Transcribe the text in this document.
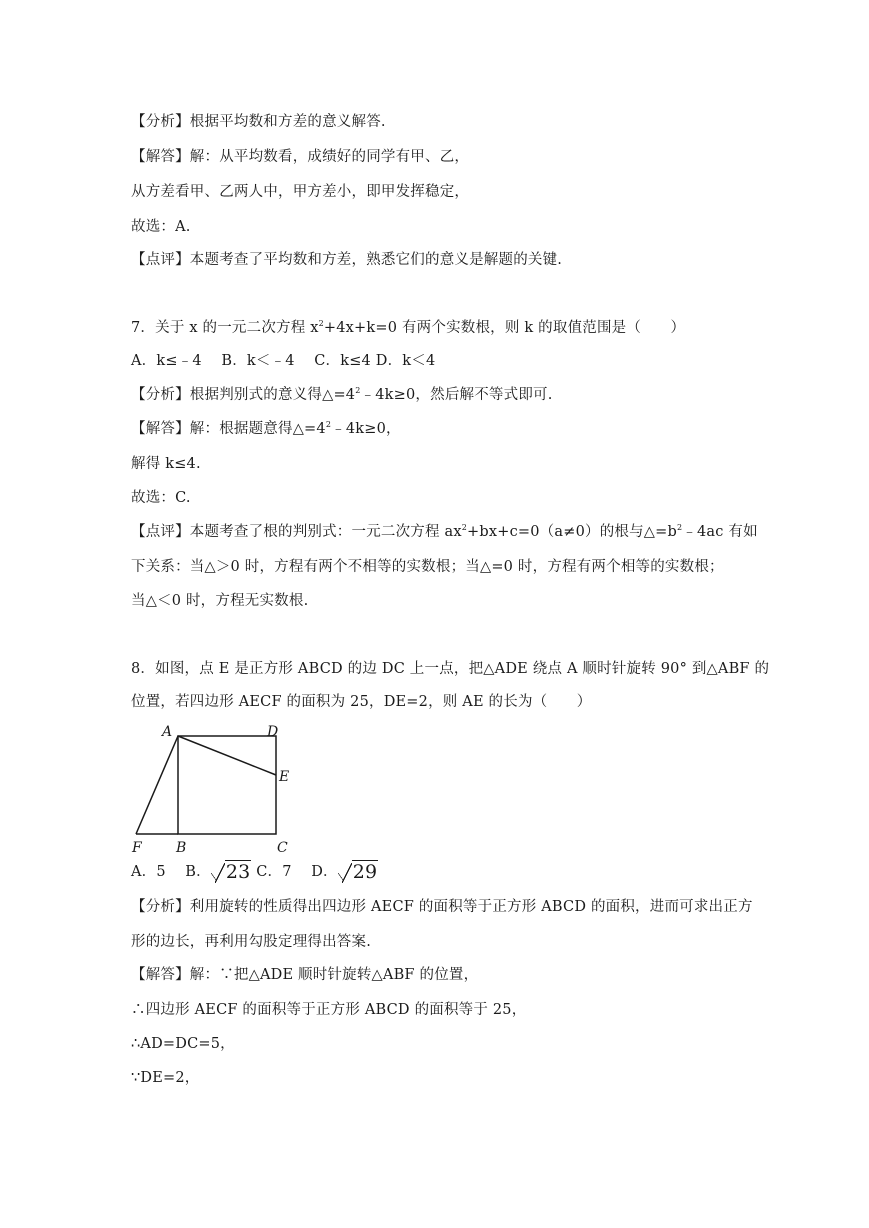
【分析】根据平均数和方差的意义解答.
【解答】解：从平均数看，成绩好的同学有甲、乙，
从方差看甲、乙两人中，甲方差小，即甲发挥稳定，
故选：A.
【点评】本题考查了平均数和方差，熟悉它们的意义是解题的关键.
7．关于 x 的一元二次方程 $x^2+4x+k=0$ 有两个实数根，则 k 的取值范围是（　　）
A．k≤﹣4　 B．k＜﹣4　 C．k≤4 D．k＜4
【分析】根据判别式的意义得$\triangle=4^2﹣4k\ge 0$，然后解不等式即可.
【解答】解：根据题意得$\triangle=4^2﹣4k\ge 0$，
解得 k≤4.
故选：C.
【点评】本题考查了根的判别式：一元二次方程 $ax^2+bx+c=0(a\ne 0)$的根与$\triangle=b^2﹣4ac$ 有如
下关系：当△＞0 时，方程有两个不相等的实数根；当△=0 时，方程有两个相等的实数根；
当△＜0 时，方程无实数根.
8．如图，点 E 是正方形 ABCD 的边 DC 上一点，把△ADE 绕点 A 顺时针旋转 90° 到△ABF 的
位置，若四边形 AECF 的面积为 25，DE=2，则 AE 的长为（　　）
A	D
E
F B	C
A．5　 B． 23 C．7　 D． 29
【分析】利用旋转的性质得出四边形 AECF 的面积等于正方形 ABCD 的面积，进而可求出正方
形的边长，再利用勾股定理得出答案.
【解答】解：∵把△ADE 顺时针旋转△ABF 的位置，
∴四边形 AECF 的面积等于正方形 ABCD 的面积等于 25，
∴AD=DC=5，
∵DE=2，
